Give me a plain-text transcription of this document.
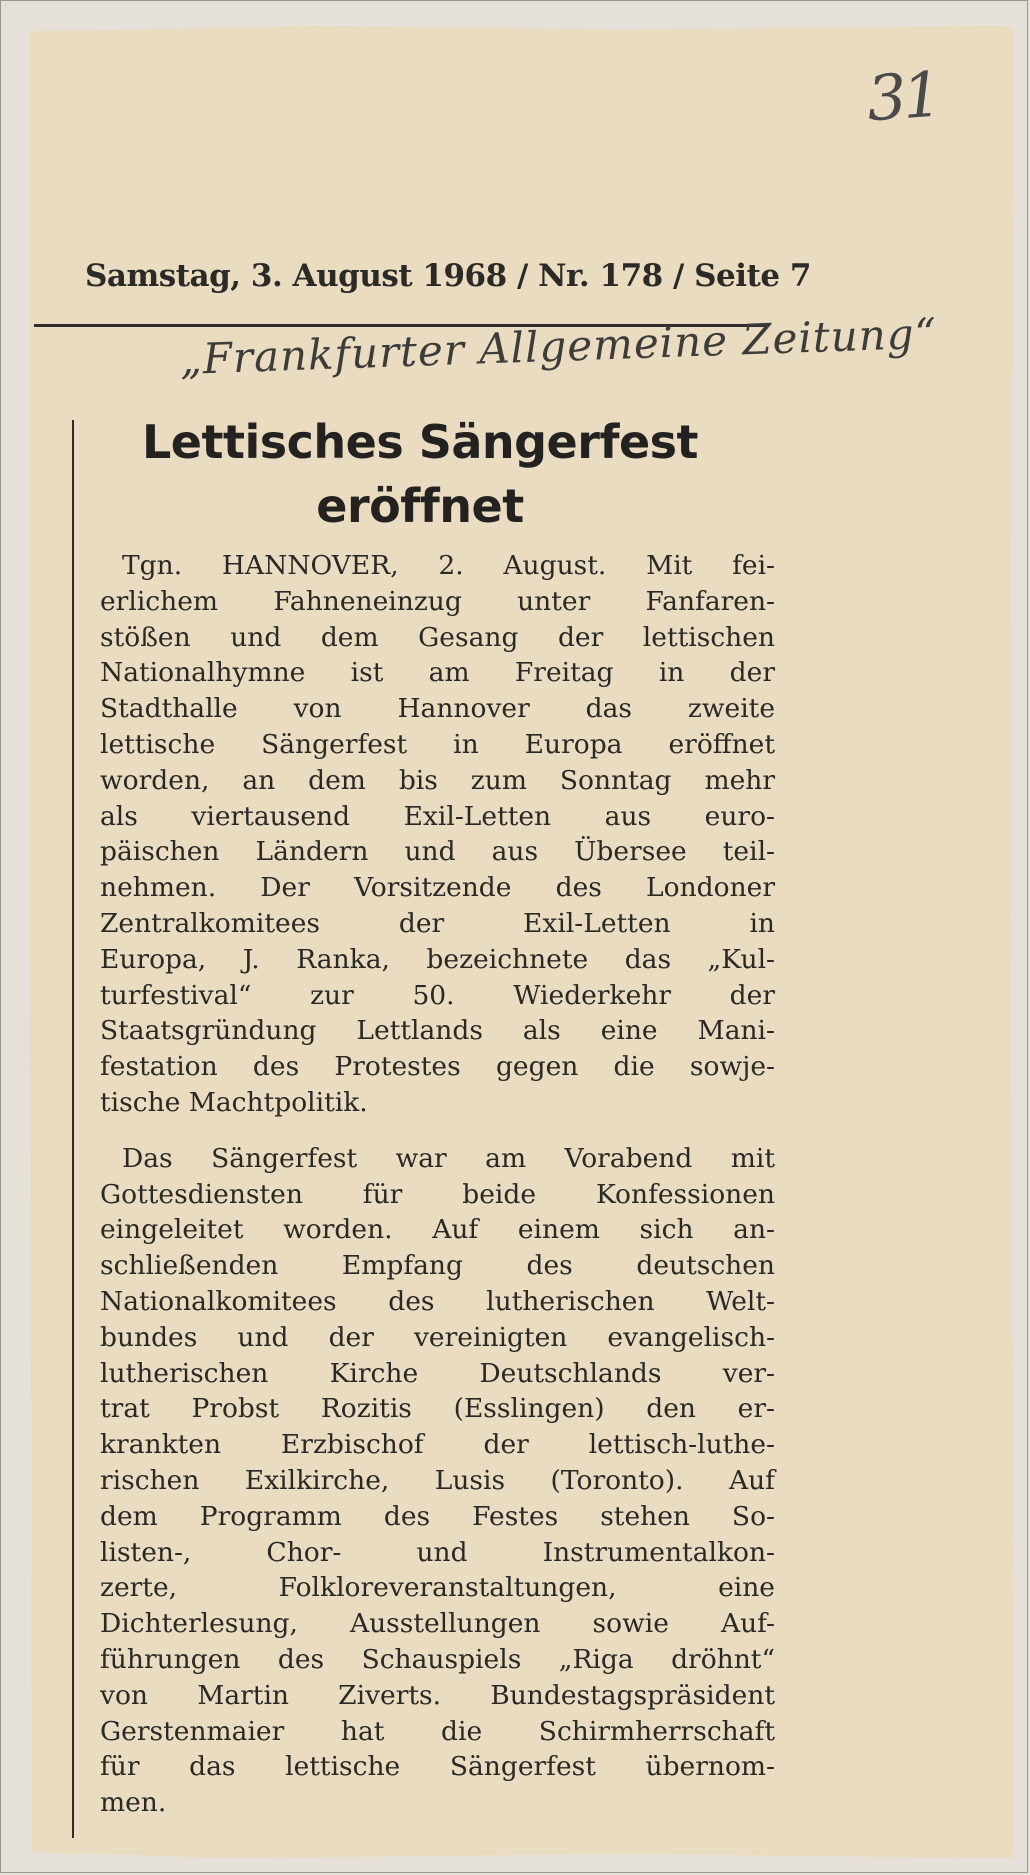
31
Samstag, 3. August 1968 / Nr. 178 / Seite 7
„Frankfurter Allgemeine Zeitung“
Lettisches Sängerfest
eröffnet

Tgn. HANNOVER, 2. August. Mit fei-
erlichem Fahneneinzug unter Fanfaren-
stößen und dem Gesang der lettischen
Nationalhymne ist am Freitag in der
Stadthalle von Hannover das zweite
lettische Sängerfest in Europa eröffnet
worden, an dem bis zum Sonntag mehr
als viertausend Exil-Letten aus euro-
päischen Ländern und aus Übersee teil-
nehmen. Der Vorsitzende des Londoner
Zentralkomitees der Exil-Letten in
Europa, J. Ranka, bezeichnete das „Kul-
turfestival“ zur 50. Wiederkehr der
Staatsgründung Lettlands als eine Mani-
festation des Protestes gegen die sowje-
tische Machtpolitik.

Das Sängerfest war am Vorabend mit
Gottesdiensten für beide Konfessionen
eingeleitet worden. Auf einem sich an-
schließenden Empfang des deutschen
Nationalkomitees des lutherischen Welt-
bundes und der vereinigten evangelisch-
lutherischen Kirche Deutschlands ver-
trat Probst Rozitis (Esslingen) den er-
krankten Erzbischof der lettisch-luthe-
rischen Exilkirche, Lusis (Toronto). Auf
dem Programm des Festes stehen So-
listen-, Chor- und Instrumentalkon-
zerte, Folkloreveranstaltungen, eine
Dichterlesung, Ausstellungen sowie Auf-
führungen des Schauspiels „Riga dröhnt“
von Martin Ziverts. Bundestagspräsident
Gerstenmaier hat die Schirmherrschaft
für das lettische Sängerfest übernom-
men.
